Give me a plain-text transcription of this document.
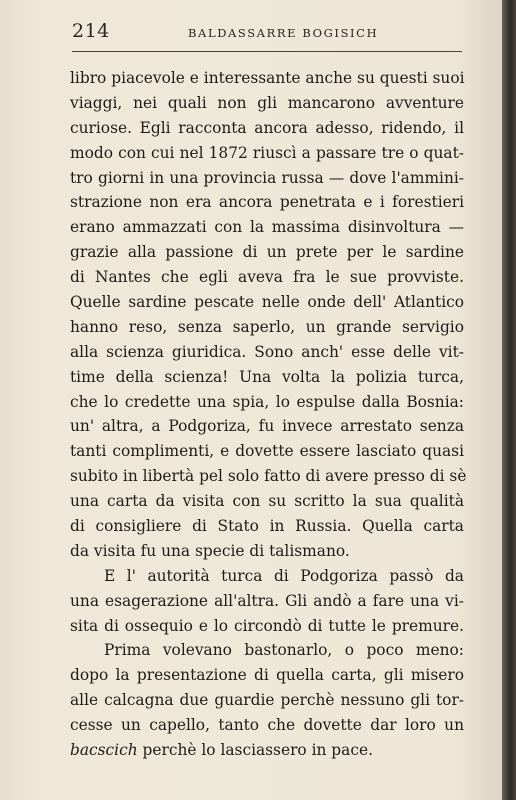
214	BALDASSARRE BOGISICH
libro piacevole e interessante anche su questi suoi
viaggi, nei quali non gli mancarono avventure
curiose. Egli racconta ancora adesso, ridendo, il
modo con cui nel 1872 riuscì a passare tre o quat-
tro giorni in una provincia russa — dove l'ammini-
strazione non era ancora penetrata e i forestieri
erano ammazzati con la massima disinvoltura —
grazie alla passione di un prete per le sardine
di Nantes che egli aveva fra le sue provviste.
Quelle sardine pescate nelle onde dell' Atlantico
hanno reso, senza saperlo, un grande servigio
alla scienza giuridica. Sono anch' esse delle vit-
time della scienza! Una volta la polizia turca,
che lo credette una spia, lo espulse dalla Bosnia:
un' altra, a Podgoriza, fu invece arrestato senza
tanti complimenti, e dovette essere lasciato quasi
subito in libertà pel solo fatto di avere presso di sè
una carta da visita con su scritto la sua qualità
di consigliere di Stato in Russia. Quella carta
da visita fu una specie di talismano.
E l' autorità turca di Podgoriza passò da
una esagerazione all'altra. Gli andò a fare una vi-
sita di ossequio e lo circondò di tutte le premure.
Prima volevano bastonarlo, o poco meno:
dopo la presentazione di quella carta, gli misero
alle calcagna due guardie perchè nessuno gli tor-
cesse un capello, tanto che dovette dar loro un
bacscich perchè lo lasciassero in pace.
